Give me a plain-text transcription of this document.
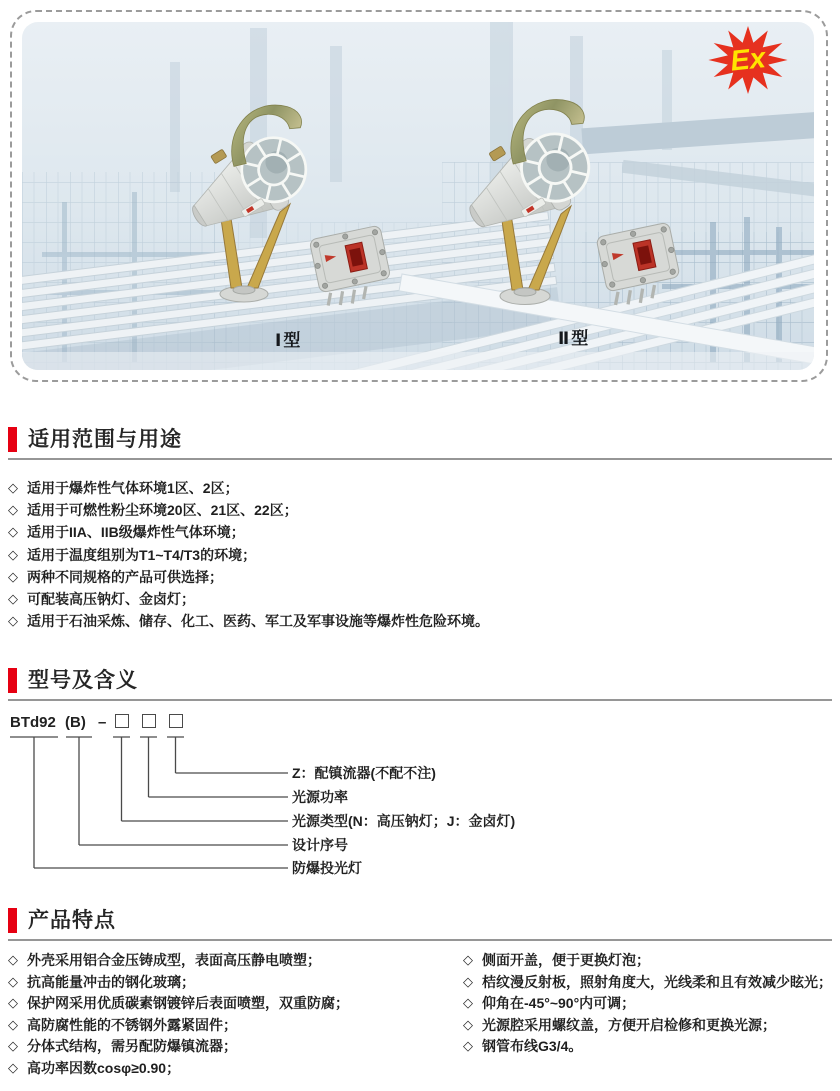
Ex
Ⅰ型	Ⅱ型
适用范围与用途
◇ 适用于爆炸性气体环境1区、2区；
◇ 适用于可燃性粉尘环境20区、21区、22区；
◇ 适用于IIA、IIB级爆炸性气体环境；
◇ 适用于温度组别为T1~T4/T3的环境；
◇ 两种不同规格的产品可供选择；
◇ 可配装高压钠灯、金卤灯；
◇ 适用于石油采炼、储存、化工、医药、军工及军事设施等爆炸性危险环境。
型号及含义
BTd92 (B) –
Z：配镇流器(不配不注)
光源功率
光源类型(N：高压钠灯；J：金卤灯)
设计序号
防爆投光灯
产品特点
◇ 外壳采用铝合金压铸成型，表面高压静电喷塑；
◇ 抗高能量冲击的钢化玻璃；
◇ 保护网采用优质碳素钢镀锌后表面喷塑，双重防腐；
◇ 高防腐性能的不锈钢外露紧固件；
◇ 分体式结构，需另配防爆镇流器；
◇ 高功率因数cosφ≥0.90；
◇ 侧面开盖，便于更换灯泡；
◇ 桔纹漫反射板，照射角度大，光线柔和且有效减少眩光；
◇ 仰角在-45°~90°内可调；
◇ 光源腔采用螺纹盖，方便开启检修和更换光源；
◇ 钢管布线G3/4。
